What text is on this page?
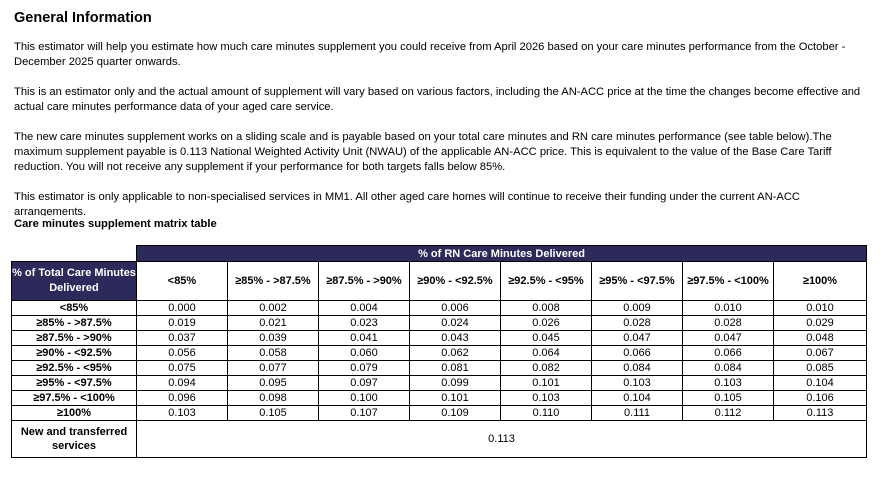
General Information

This estimator will help you estimate how much care minutes supplement you could receive from April 2026 based on your care minutes performance from the October - December 2025 quarter onwards.

This is an estimator only and the actual amount of supplement will vary based on various factors, including the AN-ACC price at the time the changes become effective and actual care minutes performance data of your aged care service.

The new care minutes supplement works on a sliding scale and is payable based on your total care minutes and RN care minutes performance (see table below).The maximum supplement payable is 0.113 National Weighted Activity Unit (NWAU) of the applicable AN-ACC price. This is equivalent to the value of the Base Care Tariff reduction. You will not receive any supplement if your performance for both targets falls below 85%.

This estimator is only applicable to non-specialised services in MM1. All other aged care homes will continue to receive their funding under the current AN-ACC arrangements.

Care minutes supplement matrix table
	% of RN Care Minutes Delivered							
% of Total Care Minutes Delivered	<85%	≥85% - >87.5%	≥87.5% - >90%	≥90% - <92.5%	≥92.5% - <95%	≥95% - <97.5%	≥97.5% - <100%	≥100%
<85%	0.000	0.002	0.004	0.006	0.008	0.009	0.010	0.010
≥85% - >87.5%	0.019	0.021	0.023	0.024	0.026	0.028	0.028	0.029
≥87.5% - >90%	0.037	0.039	0.041	0.043	0.045	0.047	0.047	0.048
≥90% - <92.5%	0.056	0.058	0.060	0.062	0.064	0.066	0.066	0.067
≥92.5% - <95%	0.075	0.077	0.079	0.081	0.082	0.084	0.084	0.085
≥95% - <97.5%	0.094	0.095	0.097	0.099	0.101	0.103	0.103	0.104
≥97.5% - <100%	0.096	0.098	0.100	0.101	0.103	0.104	0.105	0.106
≥100%	0.103	0.105	0.107	0.109	0.110	0.111	0.112	0.113
New and transferred services	0.113							
